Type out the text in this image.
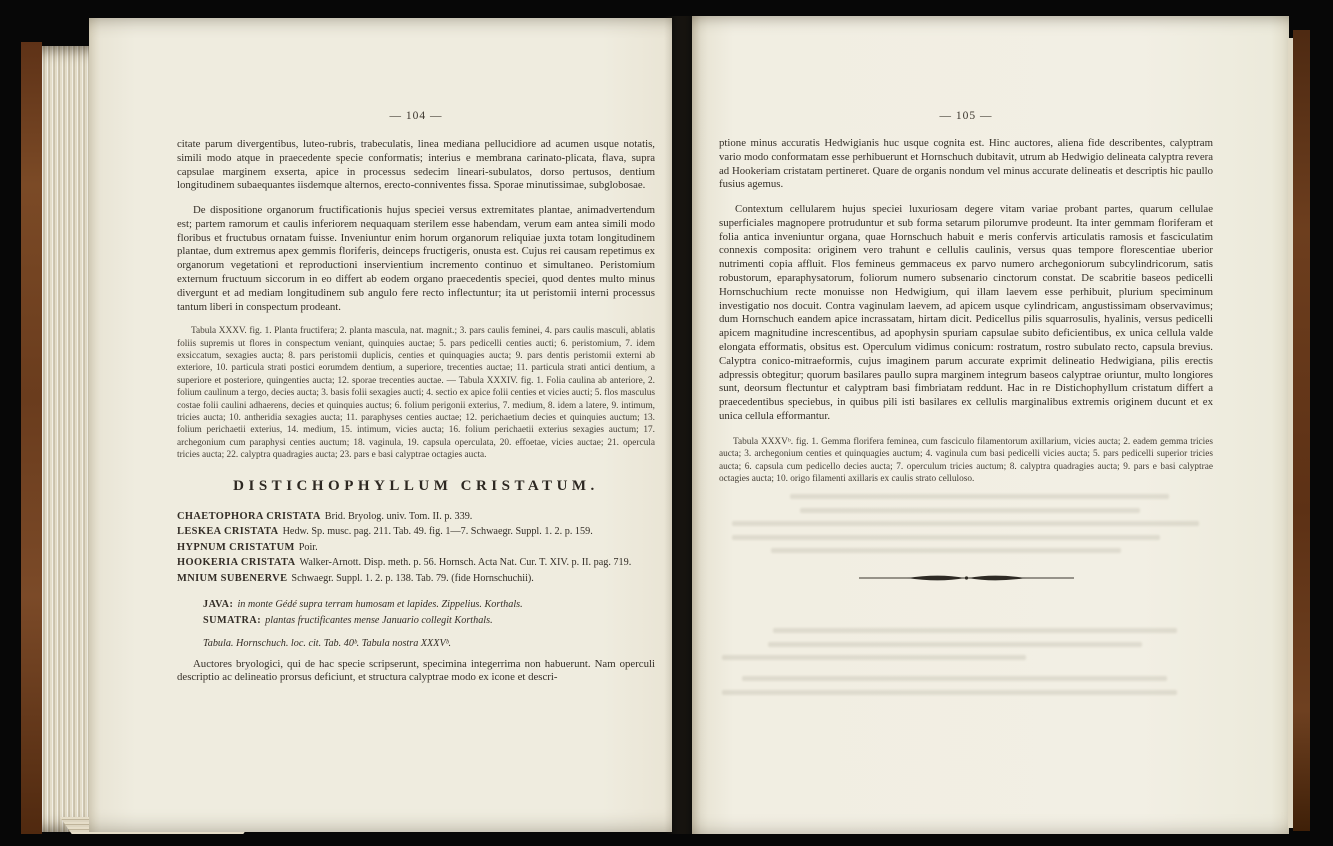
— 104 —

citate parum divergentibus, luteo-rubris, trabeculatis, linea mediana pellucidiore ad acumen usque notatis, simili modo atque in praecedente specie conformatis; interius e membrana carinato-plicata, flava, supra capsulae marginem exserta, apice in processus sedecim lineari-subulatos, dorso pertusos, dentium longitudinem subaequantes iisdemque alternos, erecto-conniventes fissa. Sporae minutissimae, subglobosae.

De dispositione organorum fructificationis hujus speciei versus extremitates plantae, animadvertendum est; partem ramorum et caulis inferiorem nequaquam sterilem esse habendam, verum eam antea simili modo floribus et fructubus ornatam fuisse. Inveniuntur enim horum organorum reliquiae juxta totam longitudinem plantae, dum extremus apex gemmis floriferis, deinceps fructigeris, onusta est. Cujus rei causam repetimus ex organorum vegetationi et reproductioni inservientium incremento continuo et simultaneo. Peristomium externum fructuum siccorum in eo differt ab eodem organo praecedentis speciei, quod dentes multo minus divergunt et ad mediam longitudinem sub angulo fere recto inflectuntur; ita ut peristomii interni processus tantum liberi in conspectum prodeant.

Tabula XXXV. fig. 1. Planta fructifera; 2. planta mascula, nat. magnit.; 3. pars caulis feminei, 4. pars caulis masculi, ablatis foliis supremis ut flores in conspectum veniant, quinquies auctae; 5. pars pedicelli centies aucti; 6. peristomium, 7. idem exsiccatum, sexagies aucta; 8. pars peristomii duplicis, centies et quinquagies aucta; 9. pars dentis peristomii externi ab exteriore, 10. particula strati postici eorumdem dentium, a superiore, trecenties auctae; 11. particula strati antici dentium, a superiore et posteriore, quingenties aucta; 12. sporae trecenties auctae. — Tabula XXXIV. fig. 1. Folia caulina ab anteriore, 2. folium caulinum a tergo, decies aucta; 3. basis folii sexagies aucti; 4. sectio ex apice folii centies et vicies aucti; 5. flos masculus costae folii caulini adhaerens, decies et quinquies auctus; 6. folium perigonii exterius, 7. medium, 8. idem a latere, 9. intimum, tricies aucta; 10. antheridia sexagies aucta; 11. paraphyses centies auctae; 12. perichaetium decies et quinquies auctum; 13. folium perichaetii exterius, 14. medium, 15. intimum, vicies aucta; 16. folium perichaetii exterius sexagies auctum; 17. archegonium cum paraphysi centies auctum; 18. vaginula, 19. capsula operculata, 20. effoetae, vicies auctae; 21. opercula tricies aucta; 22. calyptra quadragies aucta; 23. pars e basi calyptrae octagies aucta.

DISTICHOPHYLLUM CRISTATUM.
CHAETOPHORA CRISTATA Brid. Bryolog. univ. Tom. II. p. 339.
LESKEA CRISTATA Hedw. Sp. musc. pag. 211. Tab. 49. fig. 1—7. Schwaegr. Suppl. 1. 2. p. 159.
HYPNUM CRISTATUM Poir.
HOOKERIA CRISTATA Walker-Arnott. Disp. meth. p. 56. Hornsch. Acta Nat. Cur. T. XIV. p. II. pag. 719.
MNIUM SUBENERVE Schwaegr. Suppl. 1. 2. p. 138. Tab. 79. (fide Hornschuchii).
JAVA: in monte Gédé supra terram humosam et lapides. Zippelius. Korthals.
SUMATRA: plantas fructificantes mense Januario collegit Korthals.
Tabula. Hornschuch. loc. cit. Tab. 40ᵇ. Tabula nostra XXXVᵇ.

Auctores bryologici, qui de hac specie scripserunt, specimina integerrima non habuerunt. Nam operculi descriptio ac delineatio prorsus deficiunt, et structura calyptrae modo ex icone et descri-

— 105 —

ptione minus accuratis Hedwigianis huc usque cognita est. Hinc auctores, aliena fide describentes, calyptram vario modo conformatam esse perhibuerunt et Hornschuch dubitavit, utrum ab Hedwigio delineata calyptra revera ad Hookeriam cristatam pertineret. Quare de organis nondum vel minus accurate delineatis et descriptis hic paullo fusius agemus.

Contextum cellularem hujus speciei luxuriosam degere vitam variae probant partes, quarum cellulae superficiales magnopere protruduntur et sub forma setarum pilorumve prodeunt. Ita inter gemmam floriferam et folia antica inveniuntur organa, quae Hornschuch habuit e meris confervis articulatis ramosis et fasciculatim connexis composita: originem vero trahunt e cellulis caulinis, versus quas tempore florescentiae uberior nutrimenti copia affluit. Flos femineus gemmaceus ex parvo numero archegoniorum subcylindricorum, satis robustorum, eparaphysatorum, foliorum numero subsenario cinctorum constat. De scabritie baseos pedicelli Hornschuchium recte monuisse non Hedwigium, qui illam laevem esse perhibuit, plurium speciminum investigatio nos docuit. Contra vaginulam laevem, ad apicem usque cylindricam, angustissimam observavimus; dum Hornschuch eandem apice incrassatam, hirtam dicit. Pedicellus pilis squarrosulis, hyalinis, versus pedicelli apicem magnitudine increscentibus, ad apophysin spuriam capsulae subito deficientibus, ex unica cellula valde elongata efformatis, obsitus est. Operculum vidimus conicum: rostratum, rostro subulato recto, capsula brevius. Calyptra conico-mitraeformis, cujus imaginem parum accurate exprimit delineatio Hedwigiana, pilis erectis adpressis obtegitur; quorum basilares paullo supra marginem integrum baseos calyptrae oriuntur, multo longiores sunt, deorsum flectuntur et calyptram basi fimbriatam reddunt. Hac in re Distichophyllum cristatum differt a praecedentibus speciebus, in quibus pili isti basilares ex cellulis marginalibus extremis originem ducunt et ex unica cellula efformantur.

Tabula XXXVᵇ. fig. 1. Gemma florifera feminea, cum fasciculo filamentorum axillarium, vicies aucta; 2. eadem gemma tricies aucta; 3. archegonium centies et quinquagies auctum; 4. vaginula cum basi pedicelli vicies aucta; 5. pars pedicelli superior tricies aucta; 6. capsula cum pedicello decies aucta; 7. operculum tricies auctum; 8. calyptra quadragies aucta; 9. pars e basi calyptrae octagies aucta; 10. origo filamenti axillaris ex caulis strato celluloso.
